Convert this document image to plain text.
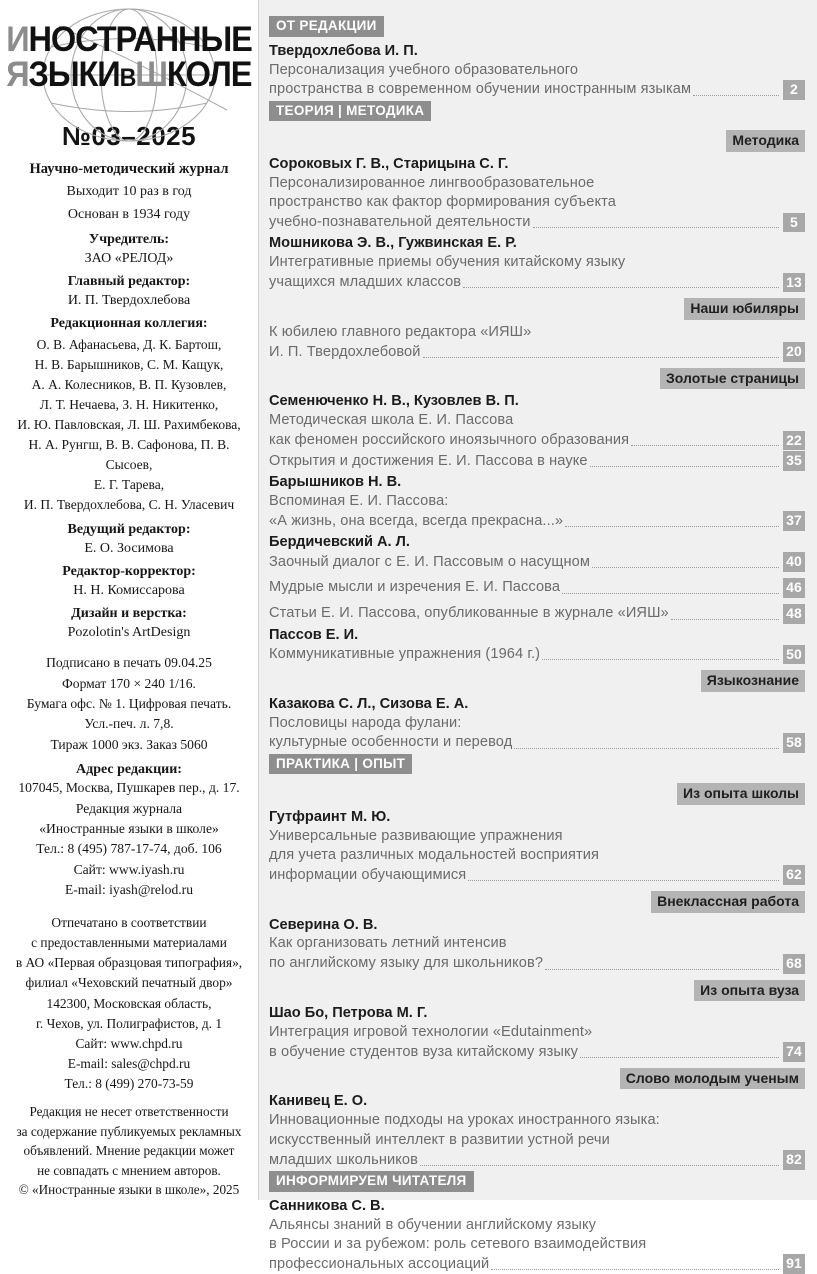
И НОСТРАННЫЕ
Я ЗЫКИ В Ш КОЛЕ
№03–2025
Научно-методический журнал
Выходит 10 раз в год
Основан в 1934 году
Учредитель:
ЗАО «РЕЛОД»
Главный редактор:
И. П. Твердохлебова
Редакционная коллегия:
О. В. Афанасьева, Д. К. Бартош,
Н. В. Барышников, С. М. Кащук,
А. А. Колесников, В. П. Кузовлев,
Л. Т. Нечаева, З. Н. Никитенко,
И. Ю. Павловская, Л. Ш. Рахимбекова,
Н. А. Рунгш, В. В. Сафонова, П. В. Сысоев,
Е. Г. Тарева,
И. П. Твердохлебова, С. Н. Уласевич
Ведущий редактор:
Е. О. Зосимова
Редактор-корректор:
Н. Н. Комиссарова
Дизайн и верстка:
Pozolotin's ArtDesign
Подписано в печать 09.04.25
Формат 170 × 240 1/16.
Бумага офс. № 1. Цифровая печать.
Усл.-печ. л. 7,8.
Тираж 1000 экз. Заказ 5060
Адрес редакции:
107045, Москва, Пушкарев пер., д. 17.
Редакция журнала
«Иностранные языки в школе»
Тел.: 8 (495) 787-17-74, доб. 106
Сайт: www.iyash.ru
E-mail: iyash@relod.ru
Отпечатано в соответствии
с предоставленными материалами
в АО «Первая образцовая типография»,
филиал «Чеховский печатный двор»
142300, Московская область,
г. Чехов, ул. Полиграфистов, д. 1
Сайт: www.chpd.ru
E-mail: sales@chpd.ru
Тел.: 8 (499) 270-73-59
Редакция не несет ответственности
за содержание публикуемых рекламных
объявлений. Мнение редакции может
не совпадать с мнением авторов.
© «Иностранные языки в школе», 2025
ОТ РЕДАКЦИИ
Твердохлебова И. П.
Персонализация учебного образовательного
пространства в современном обучении иностранным языкам	2
ТЕОРИЯ | МЕТОДИКА
Методика
Сороковых Г. В., Старицына С. Г.
Персонализированное лингвообразовательное
пространство как фактор формирования субъекта
учебно-познавательной деятельности	5
Мошникова Э. В., Гужвинская Е. Р.
Интегративные приемы обучения китайскому языку
учащихся младших классов	13
Наши юбиляры
К юбилею главного редактора «ИЯШ»
И. П. Твердохлебовой	20
Золотые страницы
Семенюченко Н. В., Кузовлев В. П.
Методическая школа Е. И. Пассова
как феномен российского иноязычного образования	22
Открытия и достижения Е. И. Пассова в науке	35
Барышников Н. В.
Вспоминая Е. И. Пассова:
«А жизнь, она всегда, всегда прекрасна...»	37
Бердичевский А. Л.
Заочный диалог с Е. И. Пассовым о насущном	40
Мудрые мысли и изречения Е. И. Пассова	46
Статьи Е. И. Пассова, опубликованные в журнале «ИЯШ»	48
Пассов Е. И.
Коммуникативные упражнения (1964 г.)	50
Языкознание
Казакова С. Л., Сизова Е. А.
Пословицы народа фулани:
культурные особенности и перевод	58
ПРАКТИКА | ОПЫТ
Из опыта школы
Гутфраинт М. Ю.
Универсальные развивающие упражнения
для учета различных модальностей восприятия
информации обучающимися	62
Внеклассная работа
Северина О. В.
Как организовать летний интенсив
по английскому языку для школьников?	68
Из опыта вуза
Шао Бо, Петрова М. Г.
Интеграция игровой технологии «Edutainment»
в обучение студентов вуза китайскому языку	74
Слово молодым ученым
Канивец Е. О.
Инновационные подходы на уроках иностранного языка:
искусственный интеллект в развитии устной речи
младших школьников	82
ИНФОРМИРУЕМ ЧИТАТЕЛЯ
Санникова С. В.
Альянсы знаний в обучении английскому языку
в России и за рубежом: роль сетевого взаимодействия
профессиональных ассоциаций	91
